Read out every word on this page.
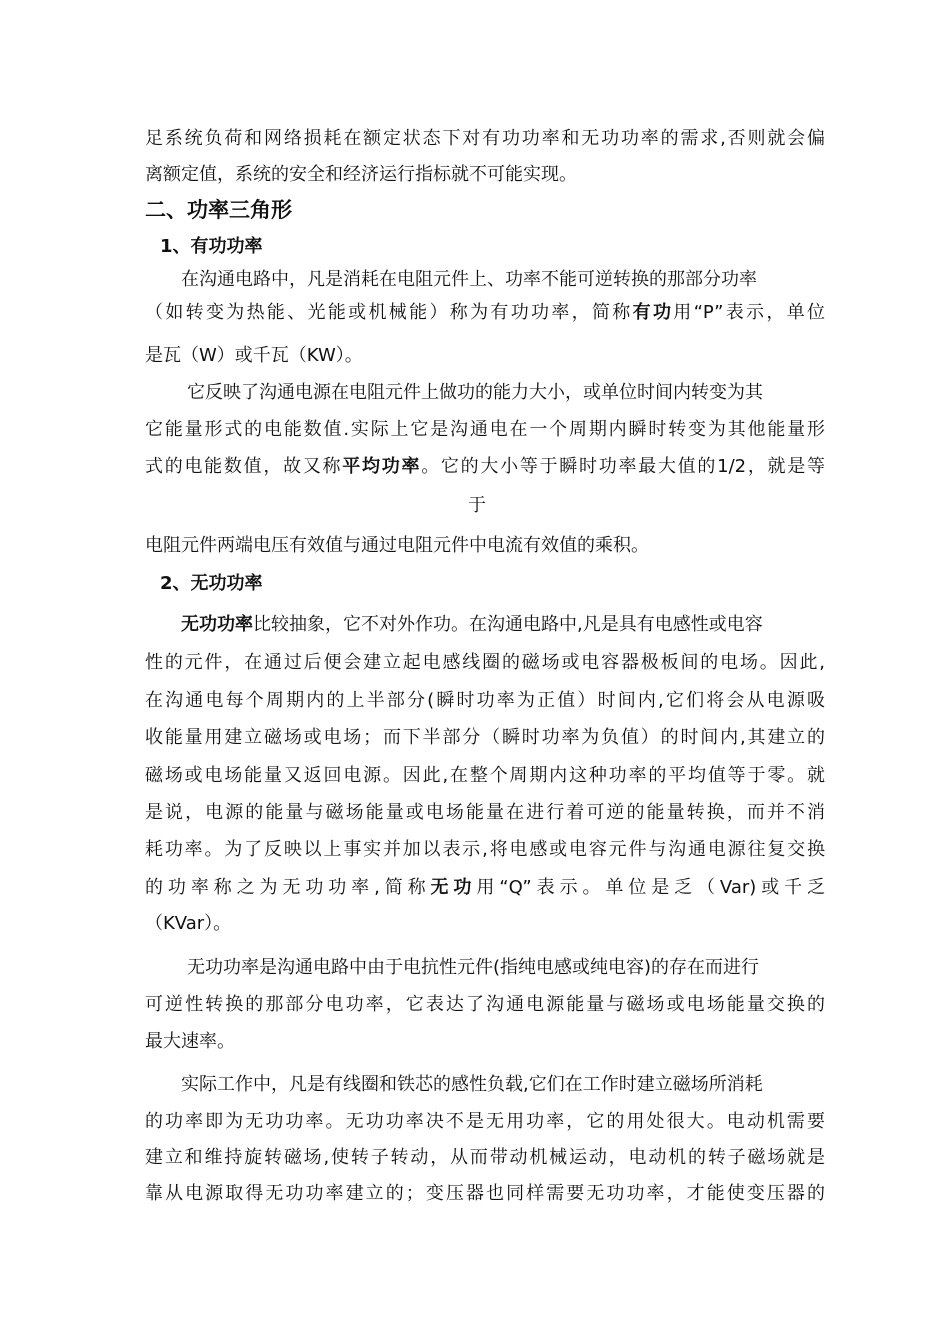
足系统负荷和网络损耗在额定状态下对有功功率和无功功率的需求,否则就会偏
离额定值，系统的安全和经济运行指标就不可能实现。
二、功率三角形
1、有功功率
在沟通电路中，凡是消耗在电阻元件上、功率不能可逆转换的那部分功率
（如转变为热能、光能或机械能）称为有功功率，简称有功用“P”表示，单位
是瓦（W）或千瓦（KW）。
它反映了沟通电源在电阻元件上做功的能力大小，或单位时间内转变为其
它能量形式的电能数值.实际上它是沟通电在一个周期内瞬时转变为其他能量形
式的电能数值，故又称平均功率。它的大小等于瞬时功率最大值的1/2，就是等
于
电阻元件两端电压有效值与通过电阻元件中电流有效值的乘积。
2、无功功率
无功功率比较抽象，它不对外作功。在沟通电路中,凡是具有电感性或电容
性的元件，在通过后便会建立起电感线圈的磁场或电容器极板间的电场。因此,
在沟通电每个周期内的上半部分(瞬时功率为正值）时间内,它们将会从电源吸
收能量用建立磁场或电场；而下半部分（瞬时功率为负值）的时间内,其建立的
磁场或电场能量又返回电源。因此,在整个周期内这种功率的平均值等于零。就
是说，电源的能量与磁场能量或电场能量在进行着可逆的能量转换，而并不消
耗功率。为了反映以上事实并加以表示,将电感或电容元件与沟通电源往复交换
的功率称之为无功功率,简称无功用“Q”表示。单位是乏（Var)或千乏
（KVar）。
无功功率是沟通电路中由于电抗性元件(指纯电感或纯电容)的存在而进行
可逆性转换的那部分电功率，它表达了沟通电源能量与磁场或电场能量交换的
最大速率。
实际工作中，凡是有线圈和铁芯的感性负载,它们在工作时建立磁场所消耗
的功率即为无功功率。无功功率决不是无用功率，它的用处很大。电动机需要
建立和维持旋转磁场,使转子转动，从而带动机械运动，电动机的转子磁场就是
靠从电源取得无功功率建立的；变压器也同样需要无功功率，才能使变压器的
